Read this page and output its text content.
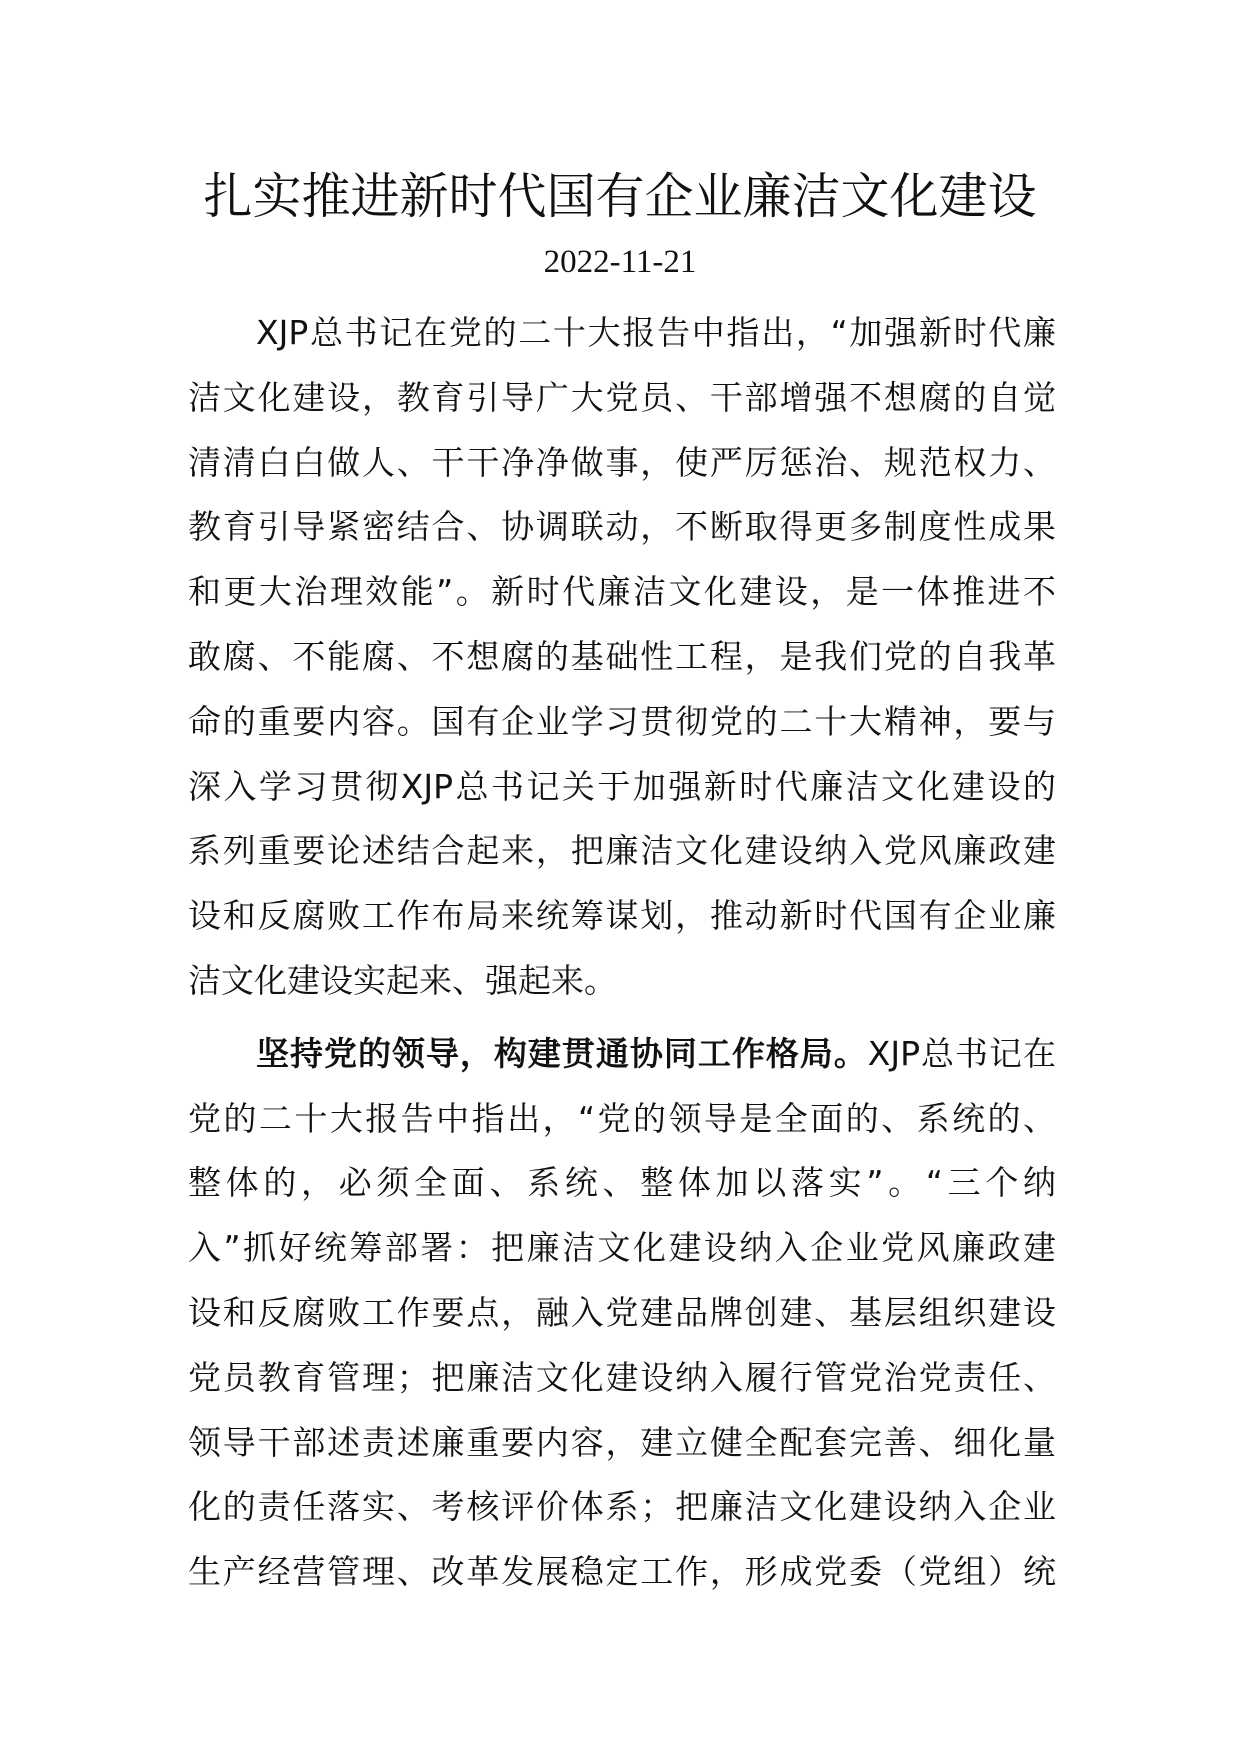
扎实推进新时代国有企业廉洁文化建设
2022-11-21
XJP总书记在党的二十大报告中指出，“加强新时代廉
洁文化建设，教育引导广大党员、干部增强不想腐的自觉
清清白白做人、干干净净做事，使严厉惩治、规范权力、
教育引导紧密结合、协调联动，不断取得更多制度性成果
和更大治理效能”。新时代廉洁文化建设，是一体推进不
敢腐、不能腐、不想腐的基础性工程，是我们党的自我革
命的重要内容。国有企业学习贯彻党的二十大精神，要与
深入学习贯彻XJP总书记关于加强新时代廉洁文化建设的
系列重要论述结合起来，把廉洁文化建设纳入党风廉政建
设和反腐败工作布局来统筹谋划，推动新时代国有企业廉
洁文化建设实起来、强起来。
坚持党的领导，构建贯通协同工作格局。XJP总书记在
党的二十大报告中指出，“党的领导是全面的、系统的、
整体的，必须全面、系统、整体加以落实”。“三个纳
入”抓好统筹部署：把廉洁文化建设纳入企业党风廉政建
设和反腐败工作要点，融入党建品牌创建、基层组织建设
党员教育管理；把廉洁文化建设纳入履行管党治党责任、
领导干部述责述廉重要内容，建立健全配套完善、细化量
化的责任落实、考核评价体系；把廉洁文化建设纳入企业
生产经营管理、改革发展稳定工作，形成党委（党组）统
